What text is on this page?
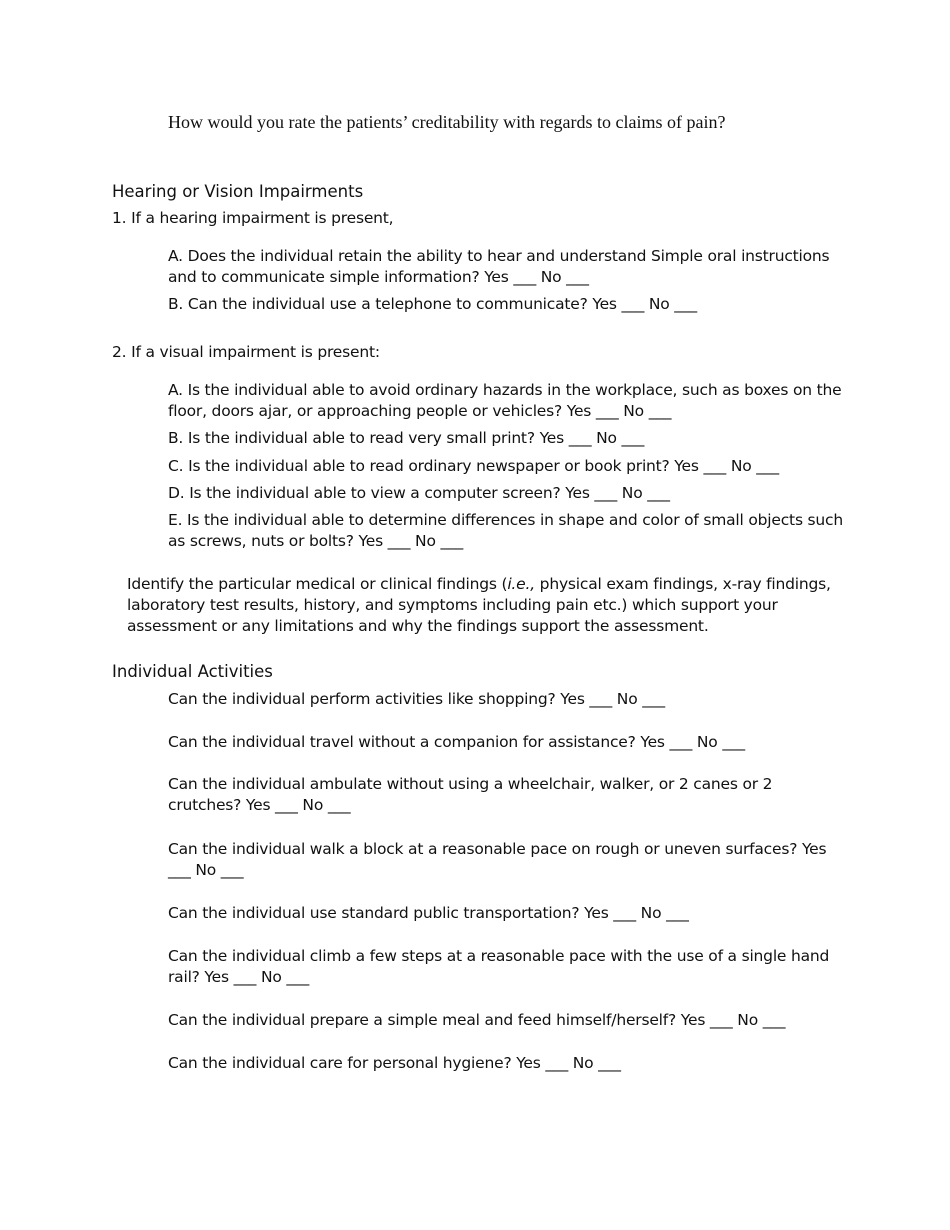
How would you rate the patients’ creditability with regards to claims of pain?

Hearing or Vision Impairments

1. If a hearing impairment is present,

A. Does the individual retain the ability to hear and understand Simple oral instructions and to communicate simple information? Yes ___ No ___

B. Can the individual use a telephone to communicate? Yes ___ No ___

2. If a visual impairment is present:

A. Is the individual able to avoid ordinary hazards in the workplace, such as boxes on the floor, doors ajar, or approaching people or vehicles? Yes ___ No ___

B. Is the individual able to read very small print? Yes ___ No ___

C. Is the individual able to read ordinary newspaper or book print? Yes ___ No ___

D. Is the individual able to view a computer screen? Yes ___ No ___

E. Is the individual able to determine differences in shape and color of small objects such as screws, nuts or bolts? Yes ___ No ___

Identify the particular medical or clinical findings (i.e., physical exam findings, x-ray findings, laboratory test results, history, and symptoms including pain etc.) which support your assessment or any limitations and why the findings support the assessment.

Individual Activities

Can the individual perform activities like shopping? Yes ___ No ___

Can the individual travel without a companion for assistance? Yes ___ No ___

Can the individual ambulate without using a wheelchair, walker, or 2 canes or 2 crutches? Yes ___ No ___

Can the individual walk a block at a reasonable pace on rough or uneven surfaces? Yes ___ No ___

Can the individual use standard public transportation? Yes ___ No ___

Can the individual climb a few steps at a reasonable pace with the use of a single hand rail? Yes ___ No ___

Can the individual prepare a simple meal and feed himself/herself? Yes ___ No ___

Can the individual care for personal hygiene? Yes ___ No ___
